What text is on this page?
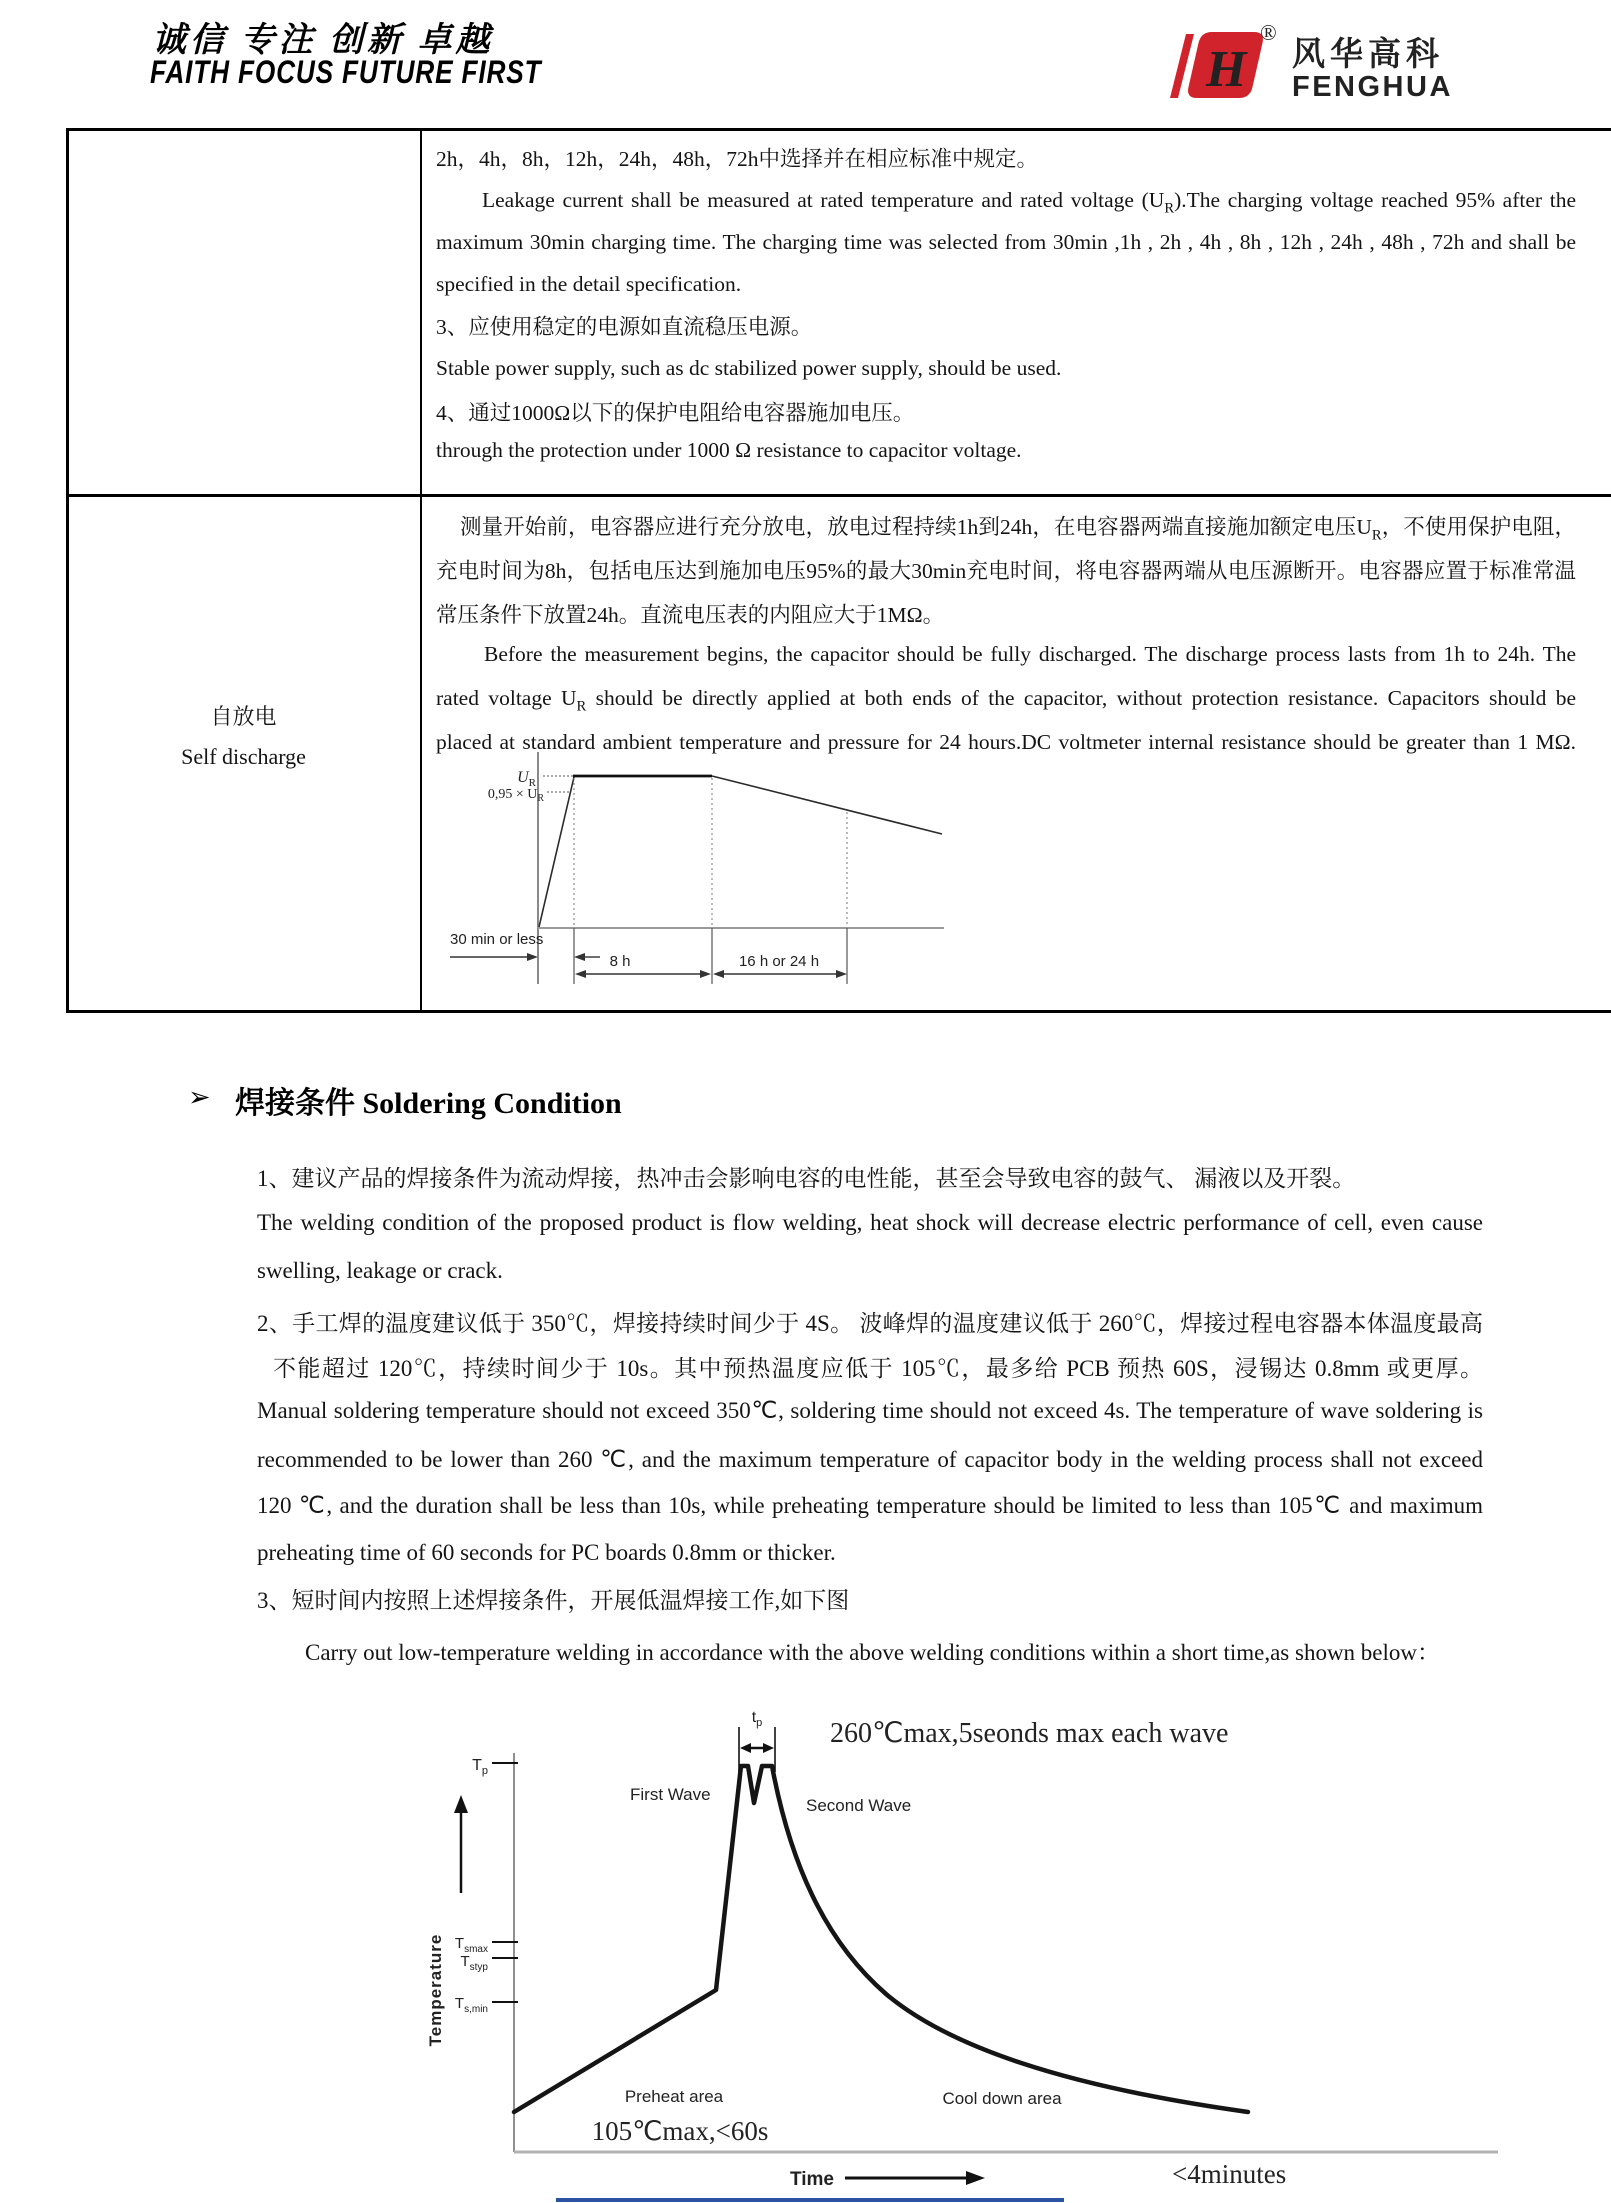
诚信 专注 创新 卓越
FAITH FOCUS FUTURE FIRST	H
®
风华高科
FENGHUA
2h，4h，8h，12h，24h，48h，72h中选择并在相应标准中规定。
Leakage current shall be measured at rated temperature and rated voltage $(U_R).The$ charging voltage reached 95% after the
maximum 30min charging time. The charging time was selected from 30min ,1h , 2h , 4h , 8h , 12h , 24h , 48h , 72h and shall be
specified in the detail specification.
3、应使用稳定的电源如直流稳压电源。
Stable power supply, such as dc stabilized power supply, should be used.
4、通过1000Ω以下的保护电阻给电容器施加电压。
through the protection under 1000 Ω resistance to capacitor voltage.
自放电
Self discharge
测量开始前，电容器应进行充分放电，放电过程持续1h到24h，在电容器两端直接施加额定电压$U_R$，不使用保护电阻，
充电时间为8h，包括电压达到施加电压95%的最大30min充电时间，将电容器两端从电压源断开。电容器应置于标准常温
常压条件下放置24h。直流电压表的内阻应大于1MΩ。
Before the measurement begins, the capacitor should be fully discharged. The discharge process lasts from 1h to 24h. The
rated voltage $U_R$ should be directly applied at both ends of the capacitor, without protection resistance. Capacitors should be
placed at standard ambient temperature and pressure for 24 hours.DC voltmeter internal resistance should be greater than 1 MΩ.
$U_R$
$0,95 \times U_R$
30 min or less
8 h	16 h or 24 h
➢ 焊接条件 Soldering Condition
1、建议产品的焊接条件为流动焊接，热冲击会影响电容的电性能，甚至会导致电容的鼓气、 漏液以及开裂。
The welding condition of the proposed product is flow welding, heat shock will decrease electric performance of cell, even cause
swelling, leakage or crack.
2、手工焊的温度建议低于 350℃，焊接持续时间少于 4S。 波峰焊的温度建议低于 260℃，焊接过程电容器本体温度最高
不能超过 120℃，持续时间少于 10s。其中预热温度应低于 105℃，最多给 PCB 预热 60S，浸锡达 0.8mm 或更厚。
Manual soldering temperature should not exceed 350℃, soldering time should not exceed 4s. The temperature of wave soldering is
recommended to be lower than 260 ℃, and the maximum temperature of capacitor body in the welding process shall not exceed
120 ℃, and the duration shall be less than 10s, while preheating temperature should be limited to less than 105℃ and maximum
preheating time of 60 seconds for PC boards 0.8mm or thicker.
3、短时间内按照上述焊接条件，开展低温焊接工作,如下图
Carry out low-temperature welding in accordance with the above welding conditions within a short time,as shown below：
$T_p$
$T_{smax}$
$T_{styp}$
$T_{s,min}$
Temperature
$t_p$ 260℃max,5seonds max each wave
First Wave
Second Wave
Preheat area
105℃max,<60s
Cool down area
Time	<4minutes
